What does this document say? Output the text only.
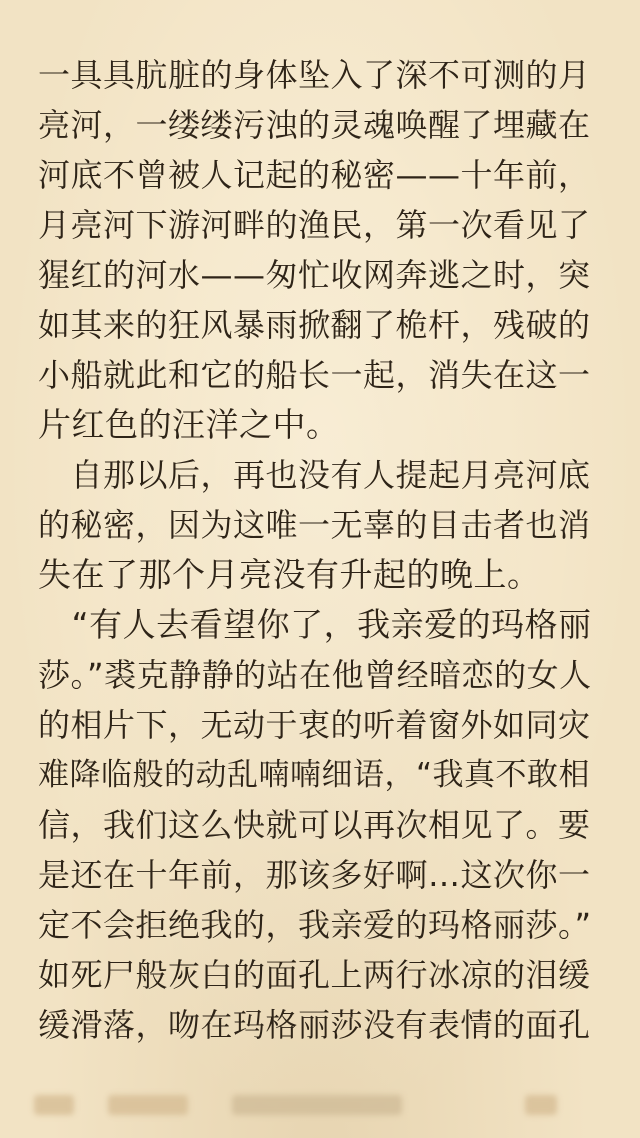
一具具肮脏的身体坠入了深不可测的月
亮河，一缕缕污浊的灵魂唤醒了埋藏在
河底不曾被人记起的秘密——十年前，
月亮河下游河畔的渔民，第一次看见了
猩红的河水——匆忙收网奔逃之时，突
如其来的狂风暴雨掀翻了桅杆，残破的
小船就此和它的船长一起，消失在这一
片红色的汪洋之中。
　自那以后，再也没有人提起月亮河底
的秘密，因为这唯一无辜的目击者也消
失在了那个月亮没有升起的晚上。
　“有人去看望你了，我亲爱的玛格丽
莎。”裘克静静的站在他曾经暗恋的女人
的相片下，无动于衷的听着窗外如同灾
难降临般的动乱喃喃细语，“我真不敢相
信，我们这么快就可以再次相见了。要
是还在十年前，那该多好啊…这次你一
定不会拒绝我的，我亲爱的玛格丽莎。”
如死尸般灰白的面孔上两行冰凉的泪缓
缓滑落，吻在玛格丽莎没有表情的面孔
